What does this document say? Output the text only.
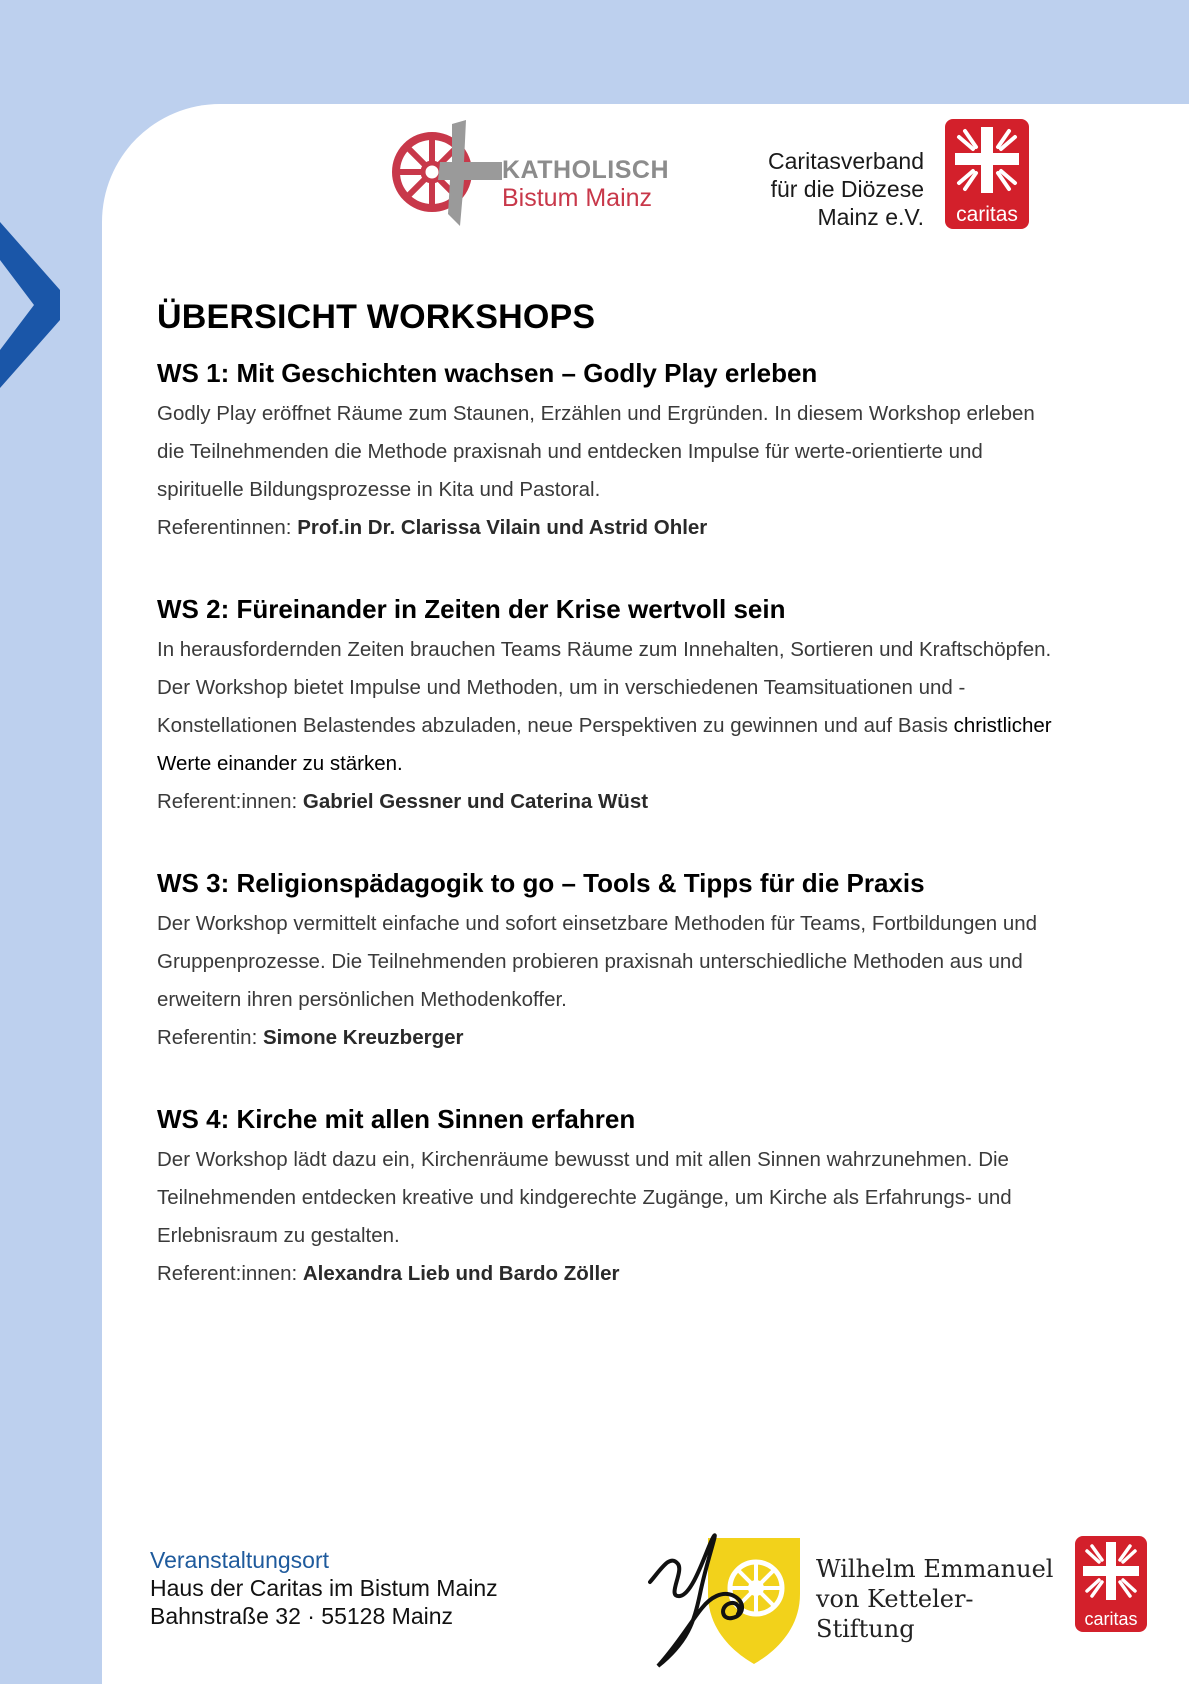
KATHOLISCH
Bistum Mainz
Caritasverband
für die Diözese
Mainz e.V.	caritas
ÜBERSICHT WORKSHOPS
WS 1: Mit Geschichten wachsen – Godly Play erleben

Godly Play eröffnet Räume zum Staunen, Erzählen und Ergründen. In diesem Workshop erleben die Teilnehmenden die Methode praxisnah und entdecken Impulse für werte-orientierte und spirituelle Bildungsprozesse in Kita und Pastoral.

Referentinnen: Prof.in Dr. Clarissa Vilain und Astrid Ohler
WS 2: Füreinander in Zeiten der Krise wertvoll sein

In herausfordernden Zeiten brauchen Teams Räume zum Innehalten, Sortieren und Kraftschöpfen. Der Workshop bietet Impulse und Methoden, um in verschiedenen Teamsituationen und -Konstellationen Belastendes abzuladen, neue Perspektiven zu gewinnen und auf Basis christlicher Werte einander zu stärken.

Referent:innen: Gabriel Gessner und Caterina Wüst
WS 3: Religionspädagogik to go – Tools & Tipps für die Praxis

Der Workshop vermittelt einfache und sofort einsetzbare Methoden für Teams, Fortbildungen und Gruppenprozesse. Die Teilnehmenden probieren praxisnah unterschiedliche Methoden aus und erweitern ihren persönlichen Methodenkoffer.

Referentin: Simone Kreuzberger
WS 4: Kirche mit allen Sinnen erfahren

Der Workshop lädt dazu ein, Kirchenräume bewusst und mit allen Sinnen wahrzunehmen. Die Teilnehmenden entdecken kreative und kindgerechte Zugänge, um Kirche als Erfahrungs- und Erlebnisraum zu gestalten.

Referent:innen: Alexandra Lieb und Bardo Zöller
Veranstaltungsort
Haus der Caritas im Bistum Mainz
Bahnstraße 32 · 55128 Mainz
Wilhelm Emmanuel
von Ketteler-Stiftung	caritas
